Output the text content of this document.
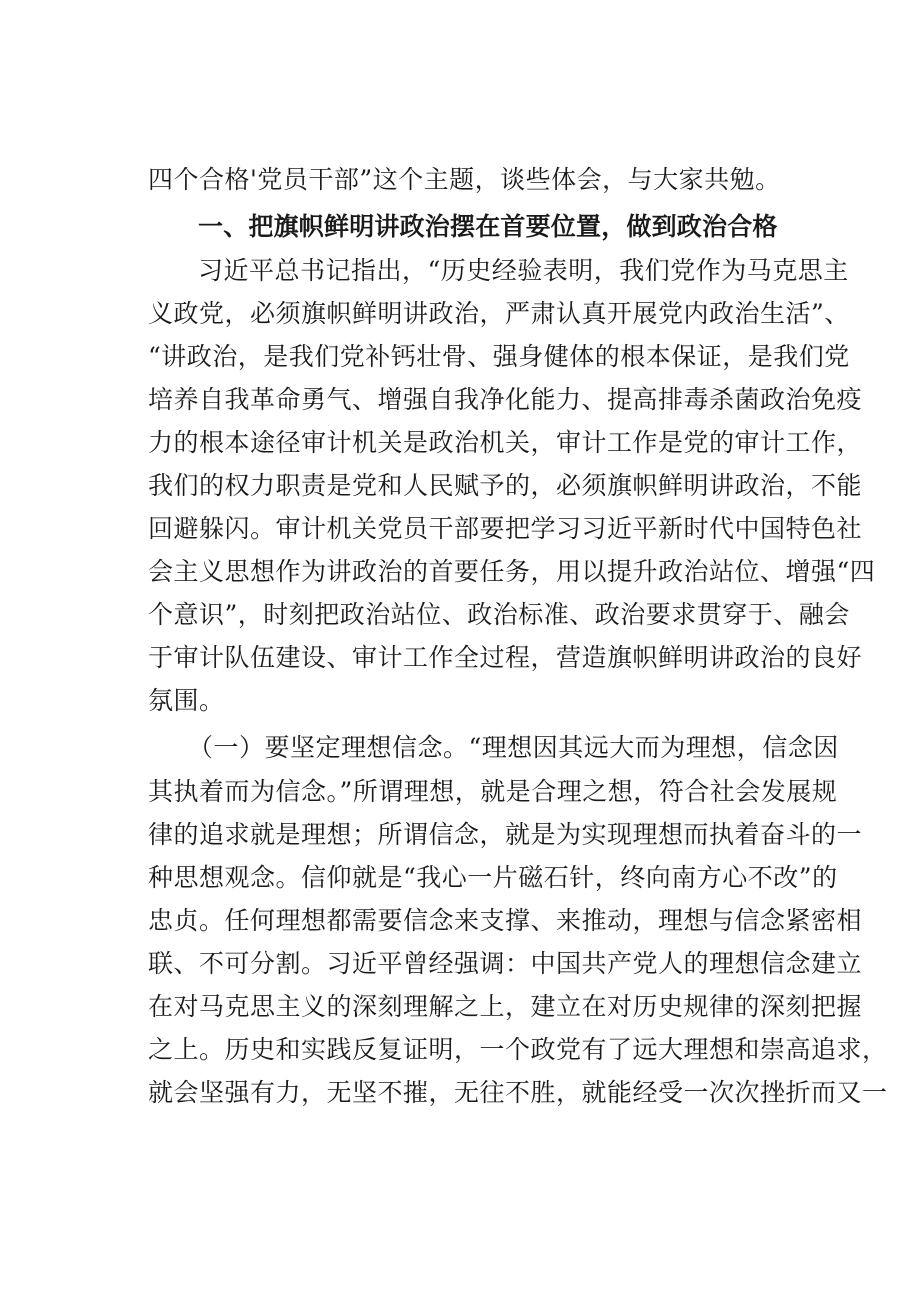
四个合格'党员干部”这个主题，谈些体会，与大家共勉。
一、把旗帜鲜明讲政治摆在首要位置，做到政治合格
习近平总书记指出，“历史经验表明，我们党作为马克思主
义政党，必须旗帜鲜明讲政治，严肃认真开展党内政治生活”、
“讲政治，是我们党补钙壮骨、强身健体的根本保证，是我们党
培养自我革命勇气、增强自我净化能力、提高排毒杀菌政治免疫
力的根本途径审计机关是政治机关，审计工作是党的审计工作，
我们的权力职责是党和人民赋予的，必须旗帜鲜明讲政治，不能
回避躲闪。审计机关党员干部要把学习习近平新时代中国特色社
会主义思想作为讲政治的首要任务，用以提升政治站位、增强“四
个意识”，时刻把政治站位、政治标准、政治要求贯穿于、融会
于审计队伍建设、审计工作全过程，营造旗帜鲜明讲政治的良好
氛围。
（一）要坚定理想信念。“理想因其远大而为理想，信念因
其执着而为信念。”所谓理想，就是合理之想，符合社会发展规
律的追求就是理想；所谓信念，就是为实现理想而执着奋斗的一
种思想观念。信仰就是“我心一片磁石针，终向南方心不改”的
忠贞。任何理想都需要信念来支撑、来推动，理想与信念紧密相
联、不可分割。习近平曾经强调：中国共产党人的理想信念建立
在对马克思主义的深刻理解之上，建立在对历史规律的深刻把握
之上。历史和实践反复证明，一个政党有了远大理想和崇高追求，
就会坚强有力，无坚不摧，无往不胜，就能经受一次次挫折而又一
